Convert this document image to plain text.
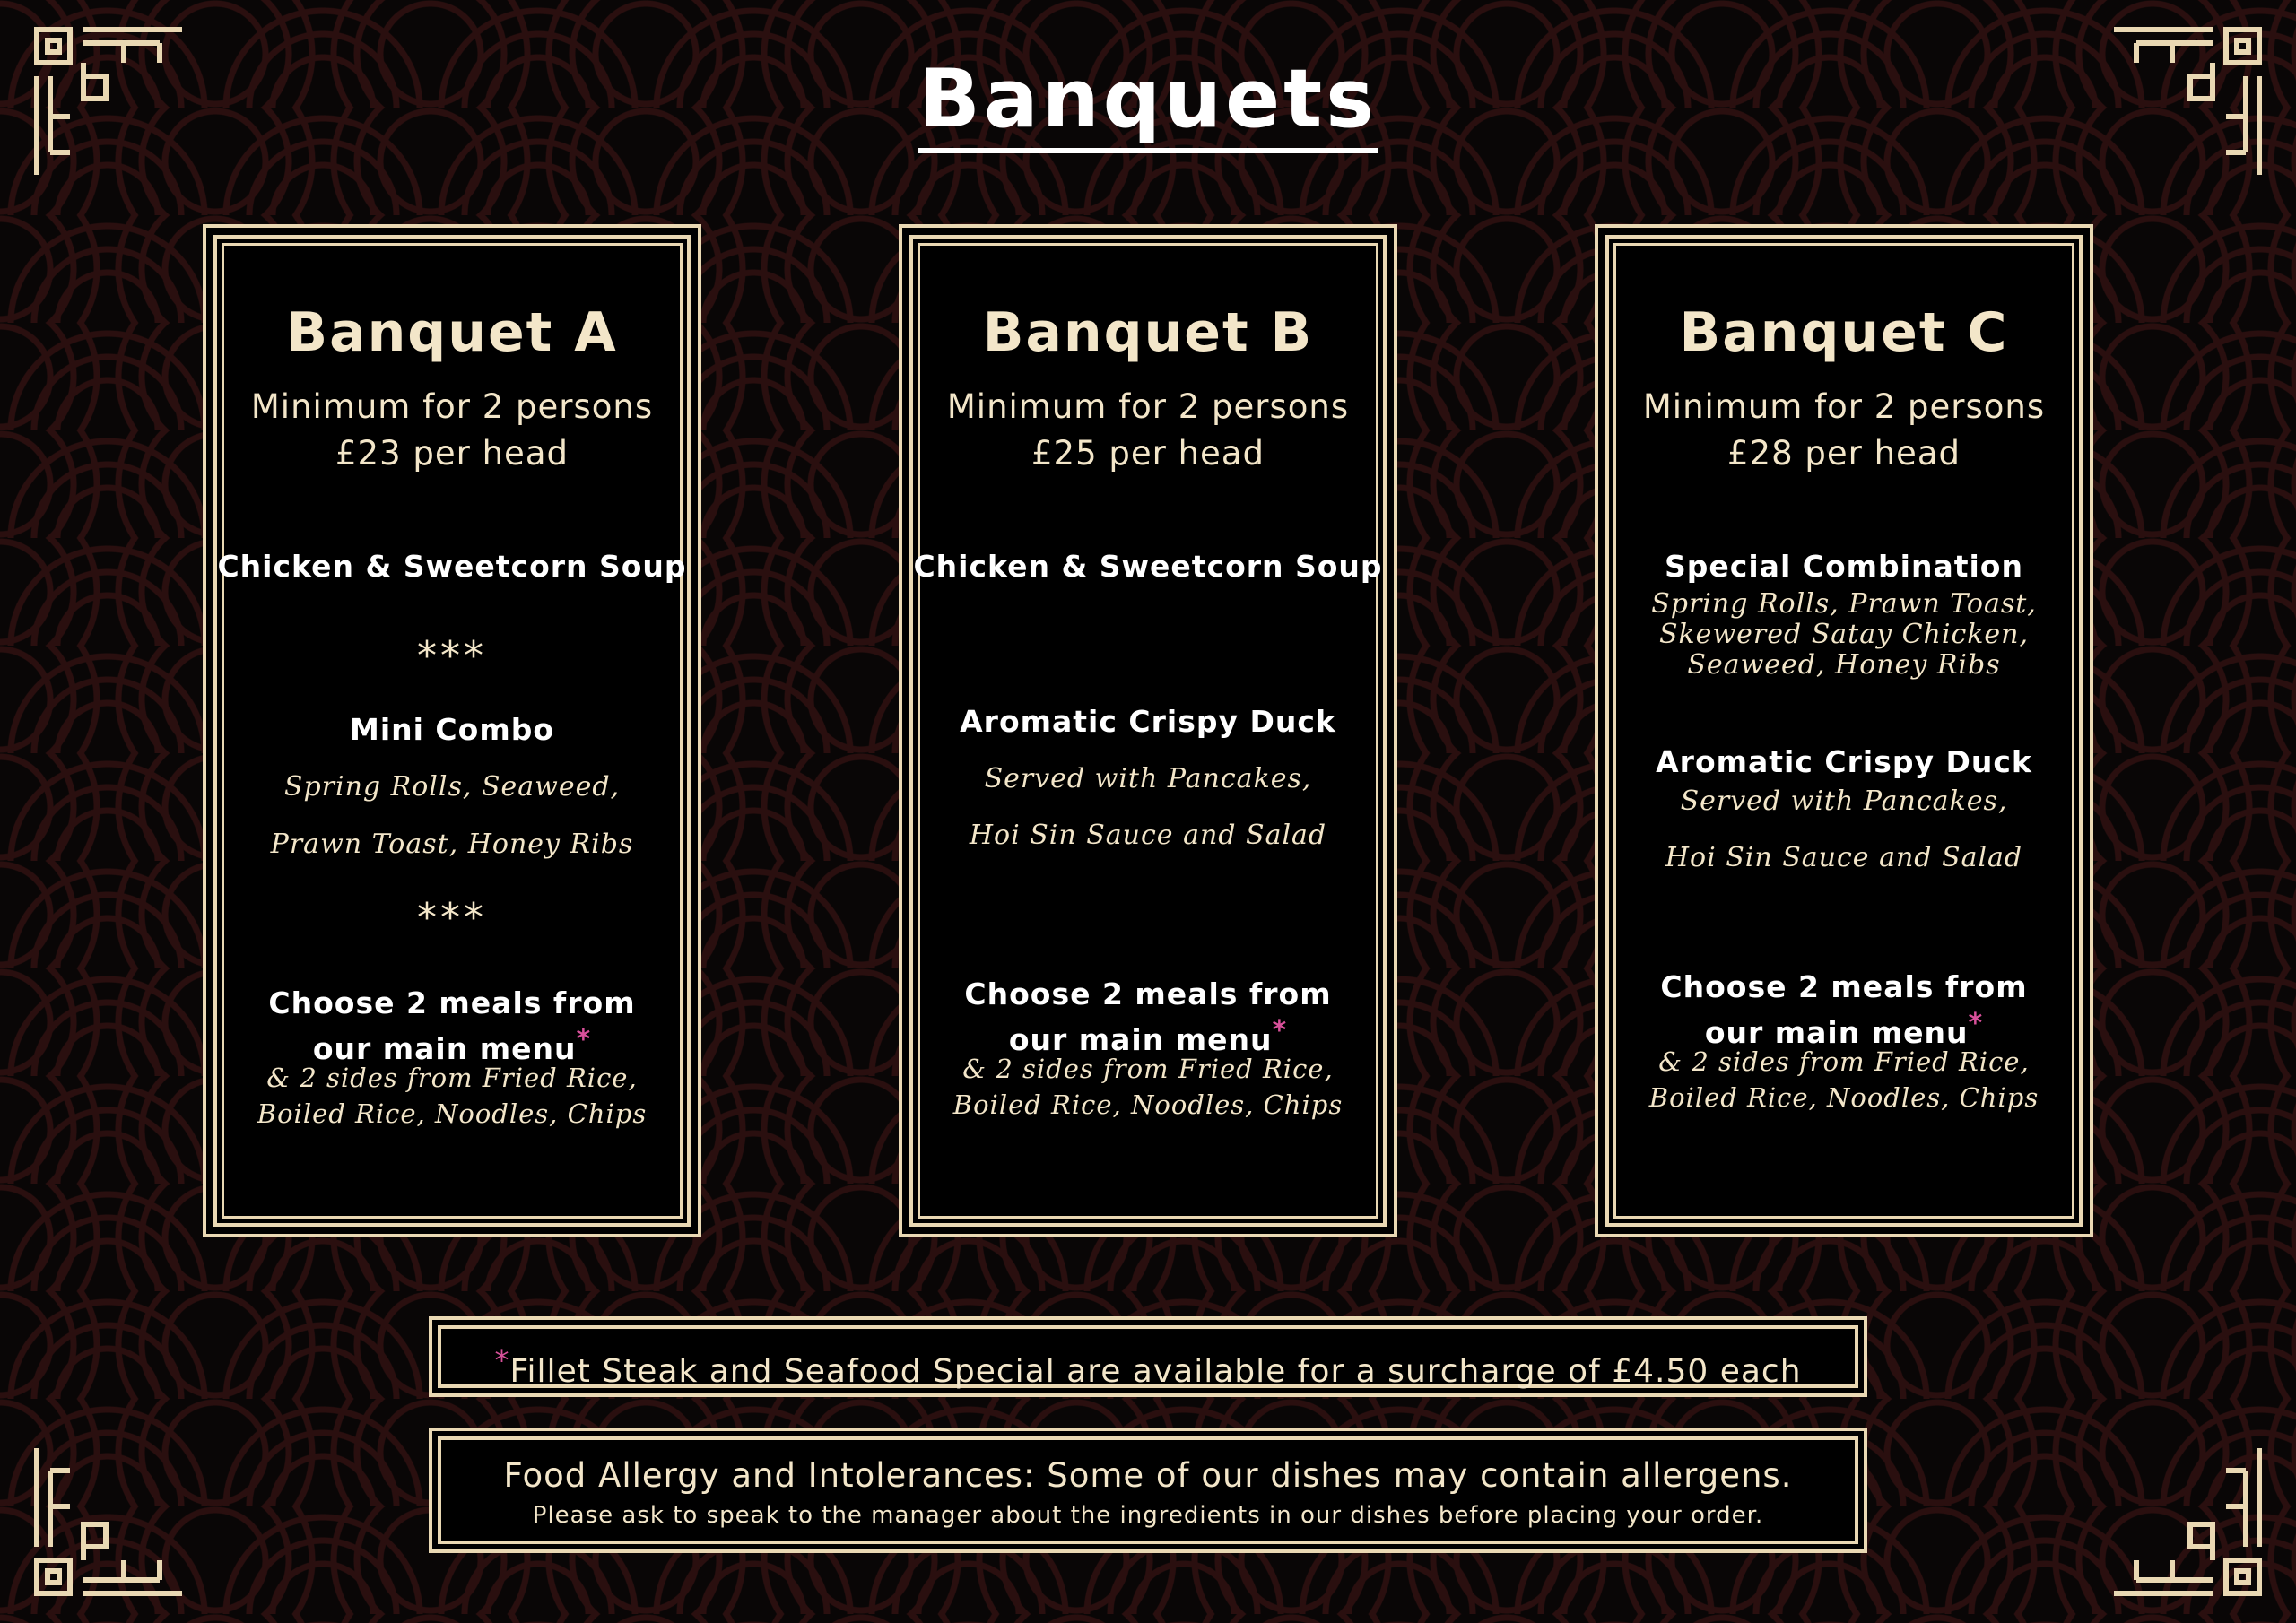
Banquets

Banquet A

Minimum for 2 persons

£23 per head

Chicken & Sweetcorn Soup

***

Mini Combo

Spring Rolls, Seaweed,

Prawn Toast, Honey Ribs

***

Choose 2 meals from

our main menu*

& 2 sides from Fried Rice,

Boiled Rice, Noodles, Chips

Banquet B

Minimum for 2 persons

£25 per head

Chicken & Sweetcorn Soup

Aromatic Crispy Duck

Served with Pancakes,

Hoi Sin Sauce and Salad

Choose 2 meals from

our main menu*

& 2 sides from Fried Rice,

Boiled Rice, Noodles, Chips

Banquet C

Minimum for 2 persons

£28 per head

Special Combination

Spring Rolls, Prawn Toast,

Skewered Satay Chicken,

Seaweed, Honey Ribs

Aromatic Crispy Duck

Served with Pancakes,

Hoi Sin Sauce and Salad

Choose 2 meals from

our main menu*

& 2 sides from Fried Rice,

Boiled Rice, Noodles, Chips

*Fillet Steak and Seafood Special are available for a surcharge of £4.50 each

Food Allergy and Intolerances: Some of our dishes may contain allergens.

Please ask to speak to the manager about the ingredients in our dishes before placing your order.
